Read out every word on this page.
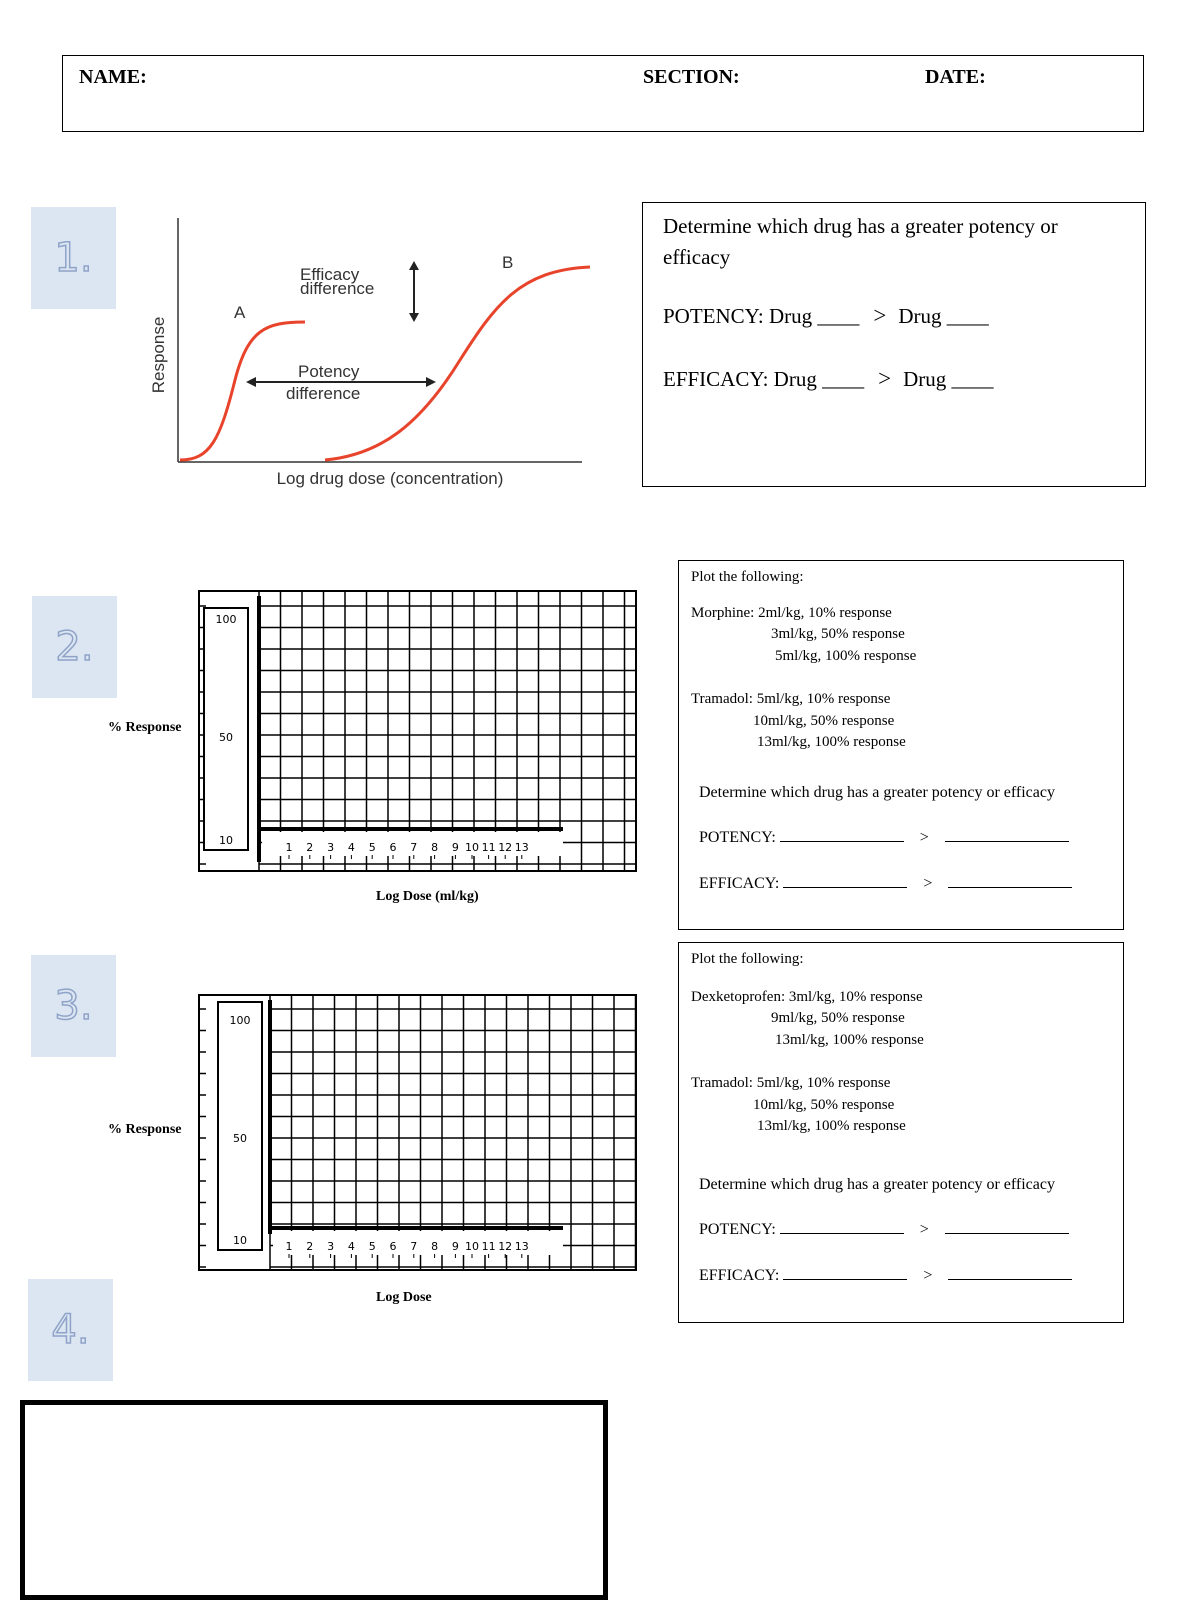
NAME:	SECTION:	DATE:
1.
2.
3.
4.
Response
Log drug dose (concentration)
A
B
Efficacy
difference
Potency
difference
Determine which drug has a greater potency or efficacy
POTENCY: Drug ____ > Drug ____
EFFICACY: Drug ____ > Drug ____
% Response
100
50
10
1 2 3 4 5 6 7 8 9 10 11 12 13
Log Dose (ml/kg)

Plot the following:

Morphine: 2ml/kg, 10% response

3ml/kg, 50% response

5ml/kg, 100% response

Tramadol: 5ml/kg, 10% response

10ml/kg, 50% response

13ml/kg, 100% response

Determine which drug has a greater potency or efficacy

POTENCY:	>

EFFICACY:	>

% Response
100
50
10	1 2 3 4 5 6 7 8 9 10 11 12 13
Log Dose

Plot the following:

Dexketoprofen: 3ml/kg, 10% response

9ml/kg, 50% response

13ml/kg, 100% response

Tramadol: 5ml/kg, 10% response

10ml/kg, 50% response

13ml/kg, 100% response

Determine which drug has a greater potency or efficacy

POTENCY:	>

EFFICACY:	>
